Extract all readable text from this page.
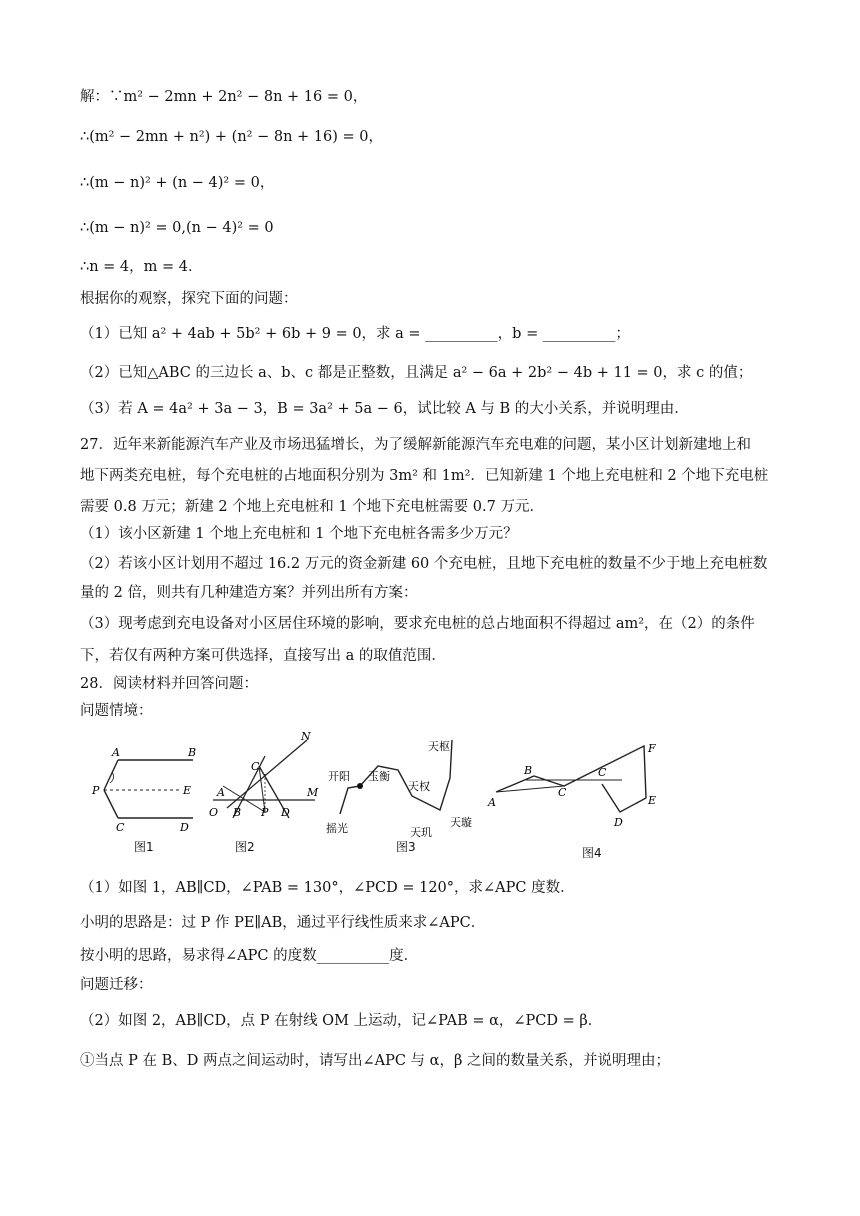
解：∵m² − 2mn + 2n² − 8n + 16 = 0，
∴(m² − 2mn + n²) + (n² − 8n + 16) = 0，
∴(m − n)² + (n − 4)² = 0，
∴(m − n)² = 0,(n − 4)² = 0
∴n = 4，m = 4．
根据你的观察，探究下面的问题：
（1）已知 a² + 4ab + 5b² + 6b + 9 = 0，求 a = __________，b = __________；
（2）已知△ABC 的三边长 a、b、c 都是正整数，且满足 a² − 6a + 2b² − 4b + 11 = 0，求 c 的值；
（3）若 A = 4a² + 3a − 3，B = 3a² + 5a − 6，试比较 A 与 B 的大小关系，并说明理由．
27．近年来新能源汽车产业及市场迅猛增长，为了缓解新能源汽车充电难的问题，某小区计划新建地上和
地下两类充电桩，每个充电桩的占地面积分别为 3m² 和 1m²．已知新建 1 个地上充电桩和 2 个地下充电桩
需要 0.8 万元；新建 2 个地上充电桩和 1 个地下充电桩需要 0.7 万元．
（1）该小区新建 1 个地上充电桩和 1 个地下充电桩各需多少万元？
（2）若该小区计划用不超过 16.2 万元的资金新建 60 个充电桩，且地下充电桩的数量不少于地上充电桩数
量的 2 倍，则共有几种建造方案？并列出所有方案：
（3）现考虑到充电设备对小区居住环境的影响，要求充电桩的总占地面积不得超过 am²，在（2）的条件
下，若仅有两种方案可供选择，直接写出 a 的取值范围．
28．阅读材料并回答问题：
问题情境：
A	B
P	E
C	D
图1
N
C
A
O B P D
M
图2
天枢
开阳 玉衡
天权
摇光	天玑
天璇
图3
F
B
C
C
A	E
D
图4
（1）如图 1，AB∥CD，∠PAB = 130°，∠PCD = 120°，求∠APC 度数．
小明的思路是：过 P 作 PE∥AB，通过平行线性质来求∠APC．
按小明的思路，易求得∠APC 的度数__________度．
问题迁移：
（2）如图 2，AB∥CD，点 P 在射线 OM 上运动，记∠PAB = α，∠PCD = β．
①当点 P 在 B、D 两点之间运动时，请写出∠APC 与 α，β 之间的数量关系，并说明理由；
